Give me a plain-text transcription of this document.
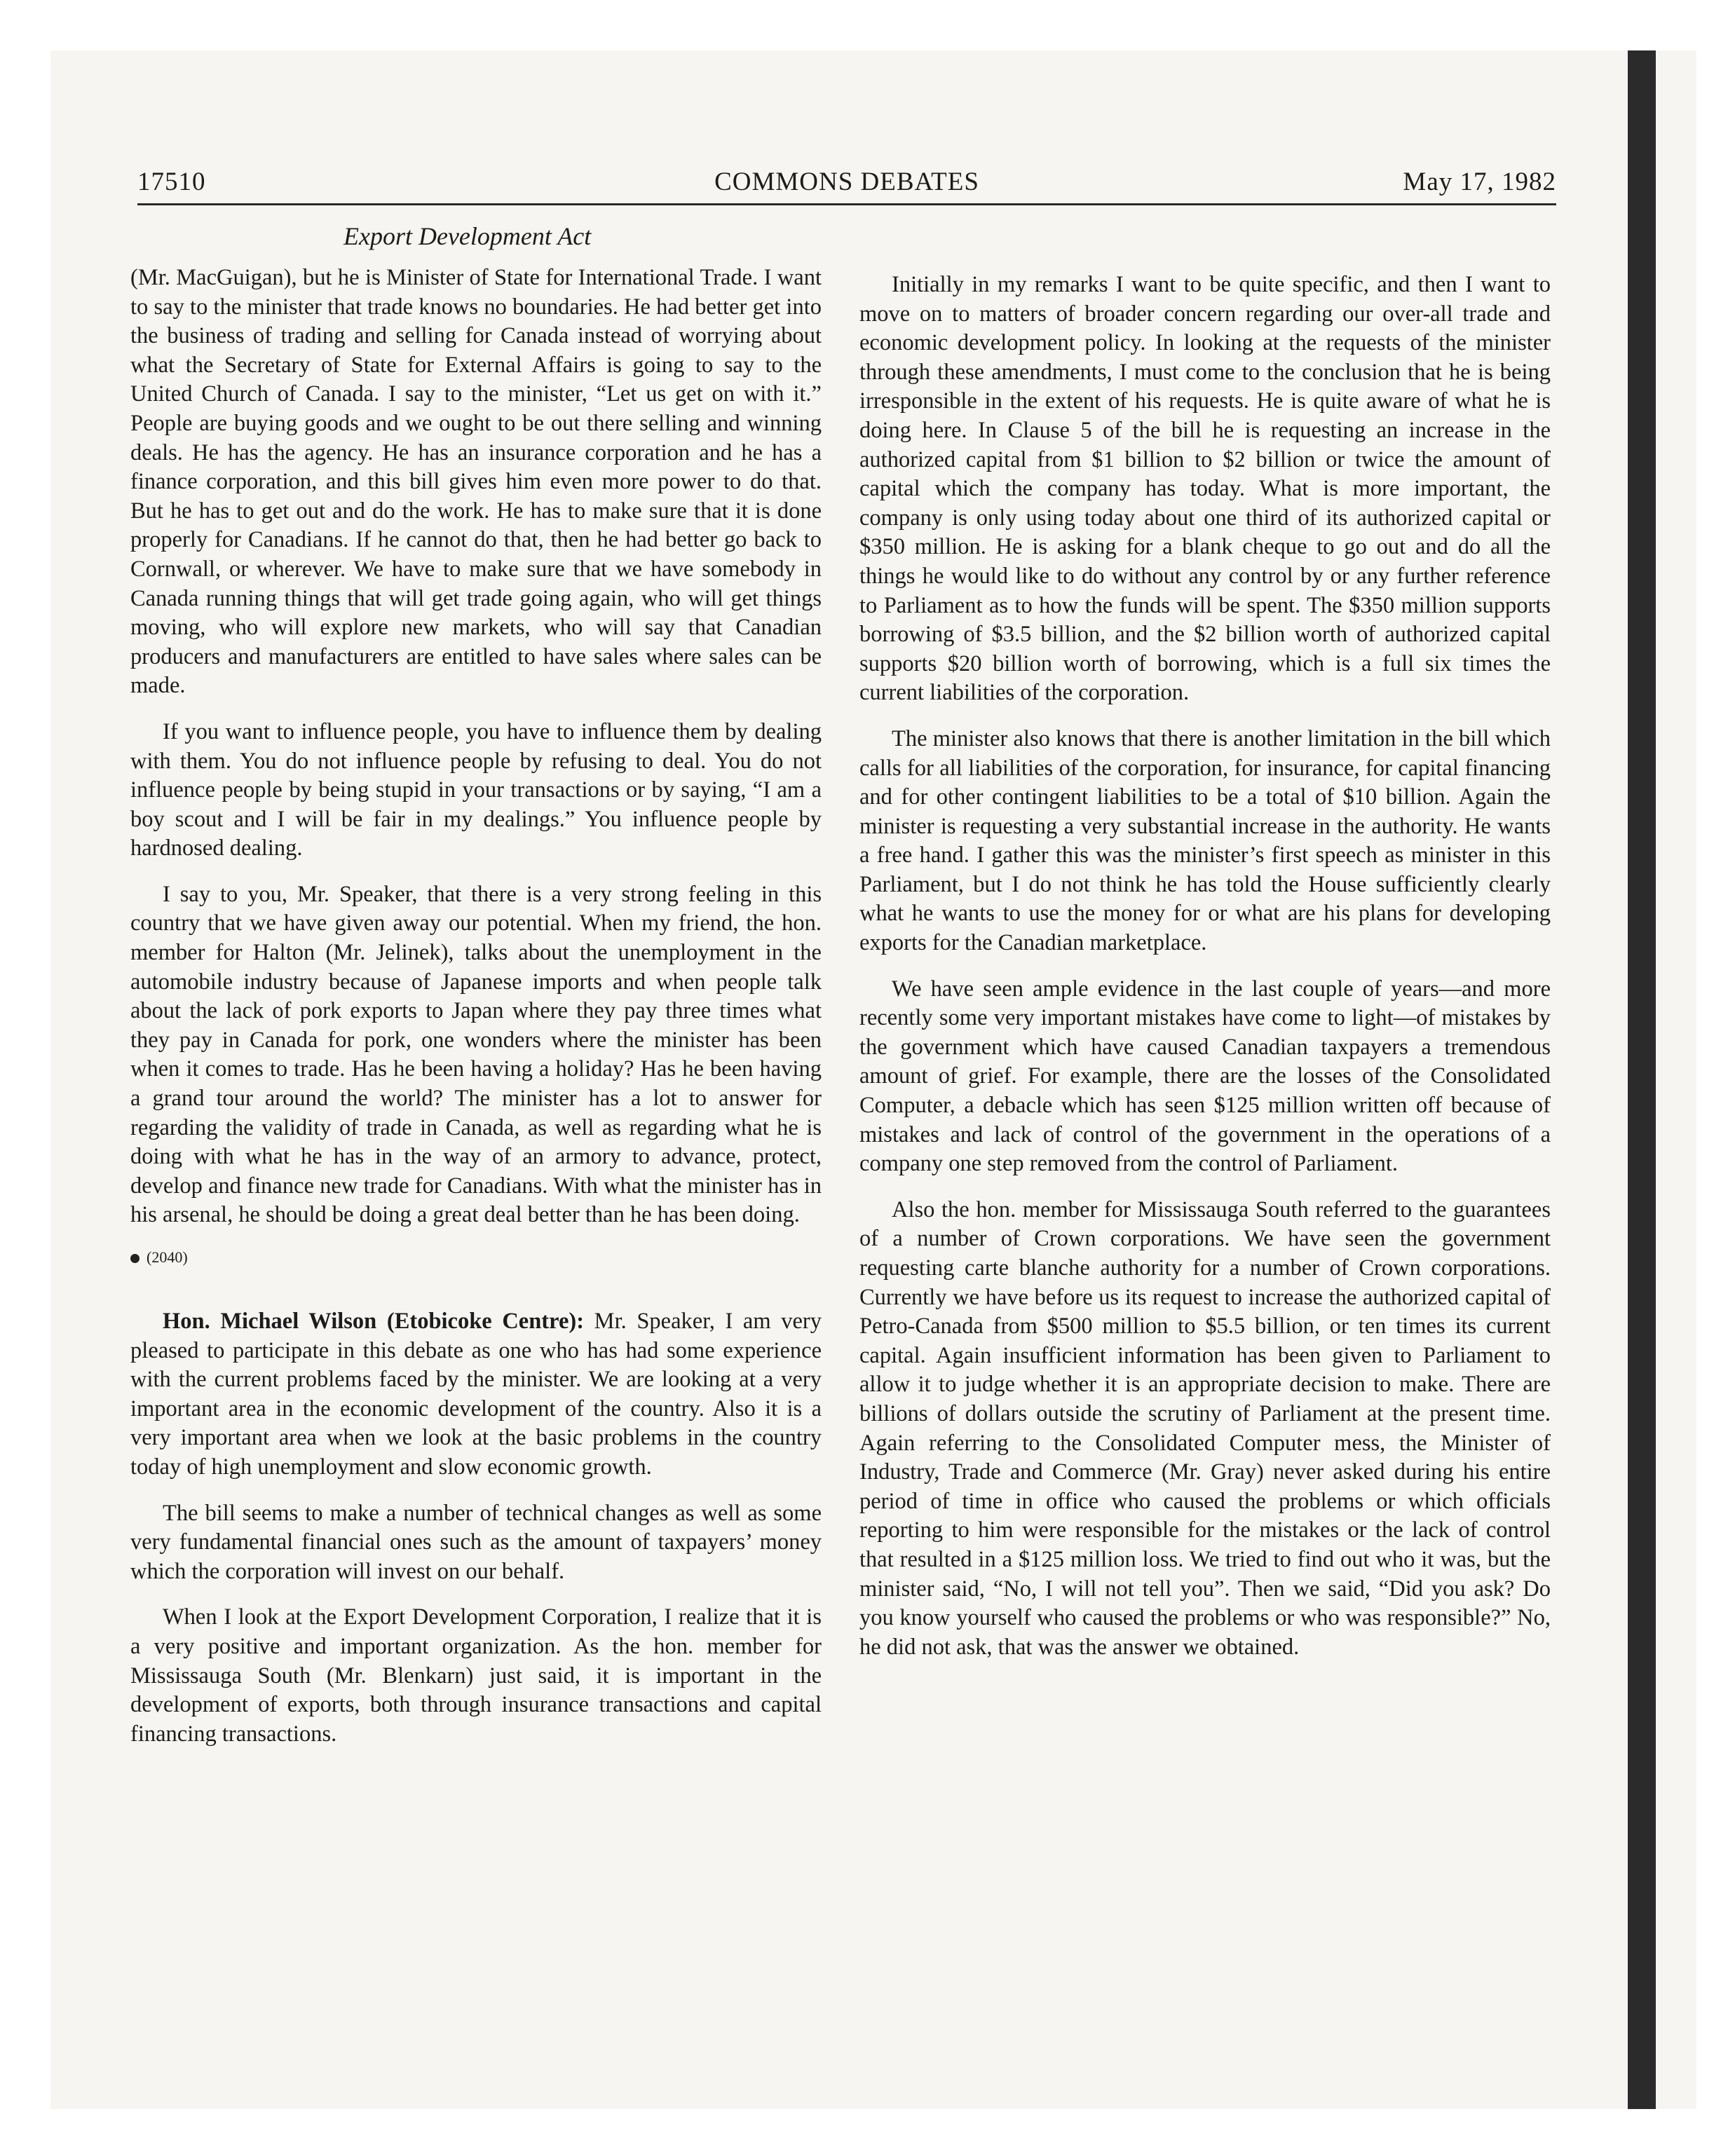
17510	COMMONS DEBATES	May 17, 1982
Export Development Act

(Mr. MacGuigan), but he is Minister of State for International Trade. I want to say to the minister that trade knows no boundaries. He had better get into the business of trading and selling for Canada instead of worrying about what the Secretary of State for External Affairs is going to say to the United Church of Canada. I say to the minister, “Let us get on with it.” People are buying goods and we ought to be out there selling and winning deals. He has the agency. He has an insurance corporation and he has a finance corporation, and this bill gives him even more power to do that. But he has to get out and do the work. He has to make sure that it is done properly for Canadians. If he cannot do that, then he had better go back to Cornwall, or wherever. We have to make sure that we have somebody in Canada running things that will get trade going again, who will get things moving, who will explore new markets, who will say that Canadian producers and manufacturers are entitled to have sales where sales can be made.

If you want to influence people, you have to influence them by dealing with them. You do not influence people by refusing to deal. You do not influence people by being stupid in your transactions or by saying, “I am a boy scout and I will be fair in my dealings.” You influence people by hardnosed dealing.

I say to you, Mr. Speaker, that there is a very strong feeling in this country that we have given away our potential. When my friend, the hon. member for Halton (Mr. Jelinek), talks about the unemployment in the automobile industry because of Japanese imports and when people talk about the lack of pork exports to Japan where they pay three times what they pay in Canada for pork, one wonders where the minister has been when it comes to trade. Has he been having a holiday? Has he been having a grand tour around the world? The minister has a lot to answer for regarding the validity of trade in Canada, as well as regarding what he is doing with what he has in the way of an armory to advance, protect, develop and finance new trade for Canadians. With what the minister has in his arsenal, he should be doing a great deal better than he has been doing.

(2040)

Hon. Michael Wilson (Etobicoke Centre): Mr. Speaker, I am very pleased to participate in this debate as one who has had some experience with the current problems faced by the minister. We are looking at a very important area in the economic development of the country. Also it is a very important area when we look at the basic problems in the country today of high unemployment and slow economic growth.

The bill seems to make a number of technical changes as well as some very fundamental financial ones such as the amount of taxpayers’ money which the corporation will invest on our behalf.

When I look at the Export Development Corporation, I realize that it is a very positive and important organization. As the hon. member for Mississauga South (Mr. Blenkarn) just said, it is important in the development of exports, both through insurance transactions and capital financing transactions.

Initially in my remarks I want to be quite specific, and then I want to move on to matters of broader concern regarding our over-all trade and economic development policy. In looking at the requests of the minister through these amendments, I must come to the conclusion that he is being irresponsible in the extent of his requests. He is quite aware of what he is doing here. In Clause 5 of the bill he is requesting an increase in the authorized capital from $1 billion to $2 billion or twice the amount of capital which the company has today. What is more important, the company is only using today about one third of its authorized capital or $350 million. He is asking for a blank cheque to go out and do all the things he would like to do without any control by or any further reference to Parliament as to how the funds will be spent. The $350 million supports borrowing of $3.5 billion, and the $2 billion worth of authorized capital supports $20 billion worth of borrowing, which is a full six times the current liabilities of the corporation.

The minister also knows that there is another limitation in the bill which calls for all liabilities of the corporation, for insurance, for capital financing and for other contingent liabilities to be a total of $10 billion. Again the minister is requesting a very substantial increase in the authority. He wants a free hand. I gather this was the minister’s first speech as minister in this Parliament, but I do not think he has told the House sufficiently clearly what he wants to use the money for or what are his plans for developing exports for the Canadian marketplace.

We have seen ample evidence in the last couple of years—and more recently some very important mistakes have come to light—of mistakes by the government which have caused Canadian taxpayers a tremendous amount of grief. For example, there are the losses of the Consolidated Computer, a debacle which has seen $125 million written off because of mistakes and lack of control of the government in the operations of a company one step removed from the control of Parliament.

Also the hon. member for Mississauga South referred to the guarantees of a number of Crown corporations. We have seen the government requesting carte blanche authority for a number of Crown corporations. Currently we have before us its request to increase the authorized capital of Petro-Canada from $500 million to $5.5 billion, or ten times its current capital. Again insufficient information has been given to Parliament to allow it to judge whether it is an appropriate decision to make. There are billions of dollars outside the scrutiny of Parliament at the present time. Again referring to the Consolidated Computer mess, the Minister of Industry, Trade and Commerce (Mr. Gray) never asked during his entire period of time in office who caused the problems or which officials reporting to him were responsible for the mistakes or the lack of control that resulted in a $125 million loss. We tried to find out who it was, but the minister said, “No, I will not tell you”. Then we said, “Did you ask? Do you know yourself who caused the problems or who was responsible?” No, he did not ask, that was the answer we obtained.
